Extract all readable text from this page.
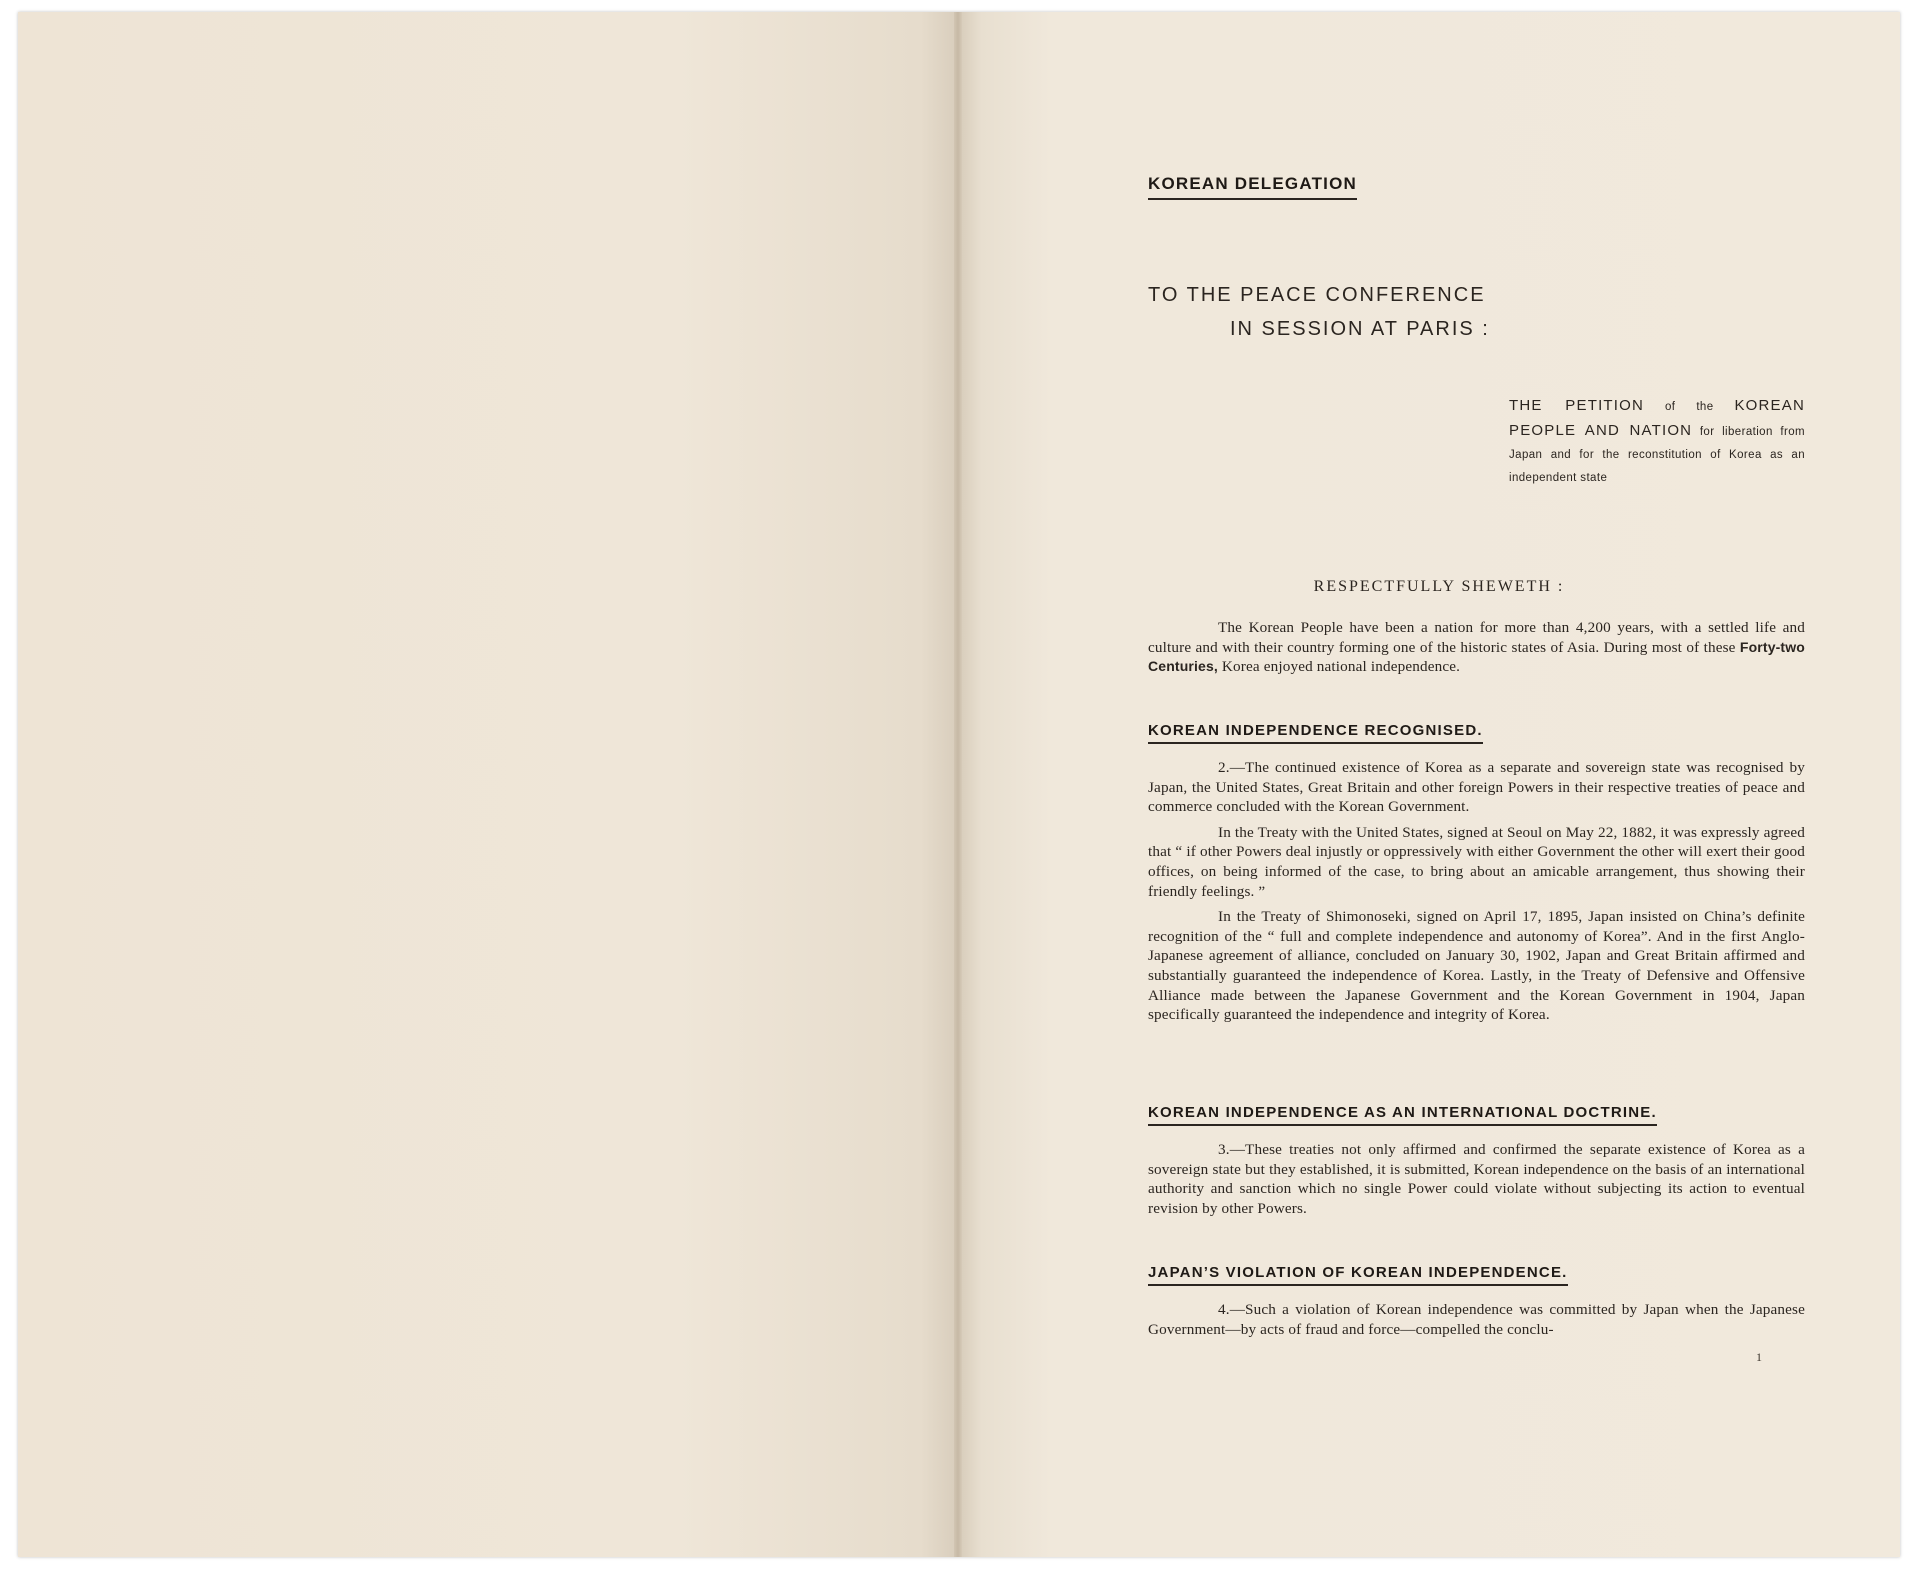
KOREAN DELEGATION
TO THE PEACE CONFERENCE
IN SESSION AT PARIS :
THE PETITION of the KOREAN PEOPLE AND NATION for liberation from Japan and for the reconstitution of Korea as an independent state
RESPECTFULLY SHEWETH :

The Korean People have been a nation for more than 4,200 years, with a settled life and culture and with their country forming one of the historic states of Asia. During most of these Forty-two Centuries, Korea enjoyed national independence.

KOREAN INDEPENDENCE RECOGNISED.

2.—The continued existence of Korea as a separate and sovereign state was recognised by Japan, the United States, Great Britain and other foreign Powers in their respective treaties of peace and commerce concluded with the Korean Government.

In the Treaty with the United States, signed at Seoul on May 22, 1882, it was expressly agreed that “ if other Powers deal injustly or oppressively with either Government the other will exert their good offices, on being informed of the case, to bring about an amicable arrangement, thus showing their friendly feelings. ”

In the Treaty of Shimonoseki, signed on April 17, 1895, Japan insisted on China’s definite recognition of the “ full and complete independence and autonomy of Korea”. And in the first Anglo-Japanese agreement of alliance, concluded on January 30, 1902, Japan and Great Britain affirmed and substantially guaranteed the independence of Korea. Lastly, in the Treaty of Defensive and Offensive Alliance made between the Japanese Government and the Korean Government in 1904, Japan specifically guaranteed the independence and integrity of Korea.

KOREAN INDEPENDENCE AS AN INTERNATIONAL DOCTRINE.

3.—These treaties not only affirmed and confirmed the separate existence of Korea as a sovereign state but they established, it is submitted, Korean independence on the basis of an international authority and sanction which no single Power could violate without subjecting its action to eventual revision by other Powers.

JAPAN’S VIOLATION OF KOREAN INDEPENDENCE.

4.—Such a violation of Korean independence was committed by Japan when the Japanese Government—by acts of fraud and force—compelled the conclu-

1
